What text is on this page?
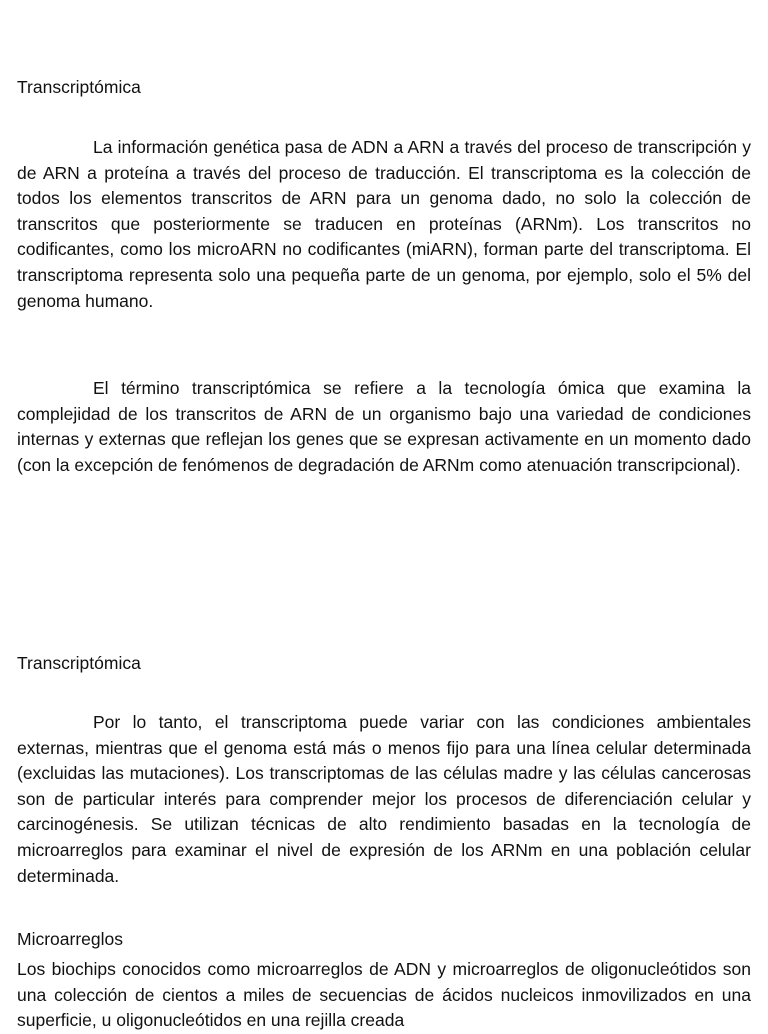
Transcriptómica

La información genética pasa de ADN a ARN a través del proceso de transcripción y de ARN a proteína a través del proceso de traducción. El transcriptoma es la colección de todos los elementos transcritos de ARN para un genoma dado, no solo la colección de transcritos que posteriormente se traducen en proteínas (ARNm). Los transcritos no codificantes, como los microARN no codificantes (miARN), forman parte del transcriptoma. El transcriptoma representa solo una pequeña parte de un genoma, por ejemplo, solo el 5% del genoma humano.

El término transcriptómica se refiere a la tecnología ómica que examina la complejidad de los transcritos de ARN de un organismo bajo una variedad de condiciones internas y externas que reflejan los genes que se expresan activamente en un momento dado (con la excepción de fenómenos de degradación de ARNm como atenuación transcripcional).

Transcriptómica

Por lo tanto, el transcriptoma puede variar con las condiciones ambientales externas, mientras que el genoma está más o menos fijo para una línea celular determinada (excluidas las mutaciones). Los transcriptomas de las células madre y las células cancerosas son de particular interés para comprender mejor los procesos de diferenciación celular y carcinogénesis. Se utilizan técnicas de alto rendimiento basadas en la tecnología de microarreglos para examinar el nivel de expresión de los ARNm en una población celular determinada.

Microarreglos

Los biochips conocidos como microarreglos de ADN y microarreglos de oligonucleótidos son una colección de cientos a miles de secuencias de ácidos nucleicos inmovilizados en una superficie, u oligonucleótidos en una rejilla creada
